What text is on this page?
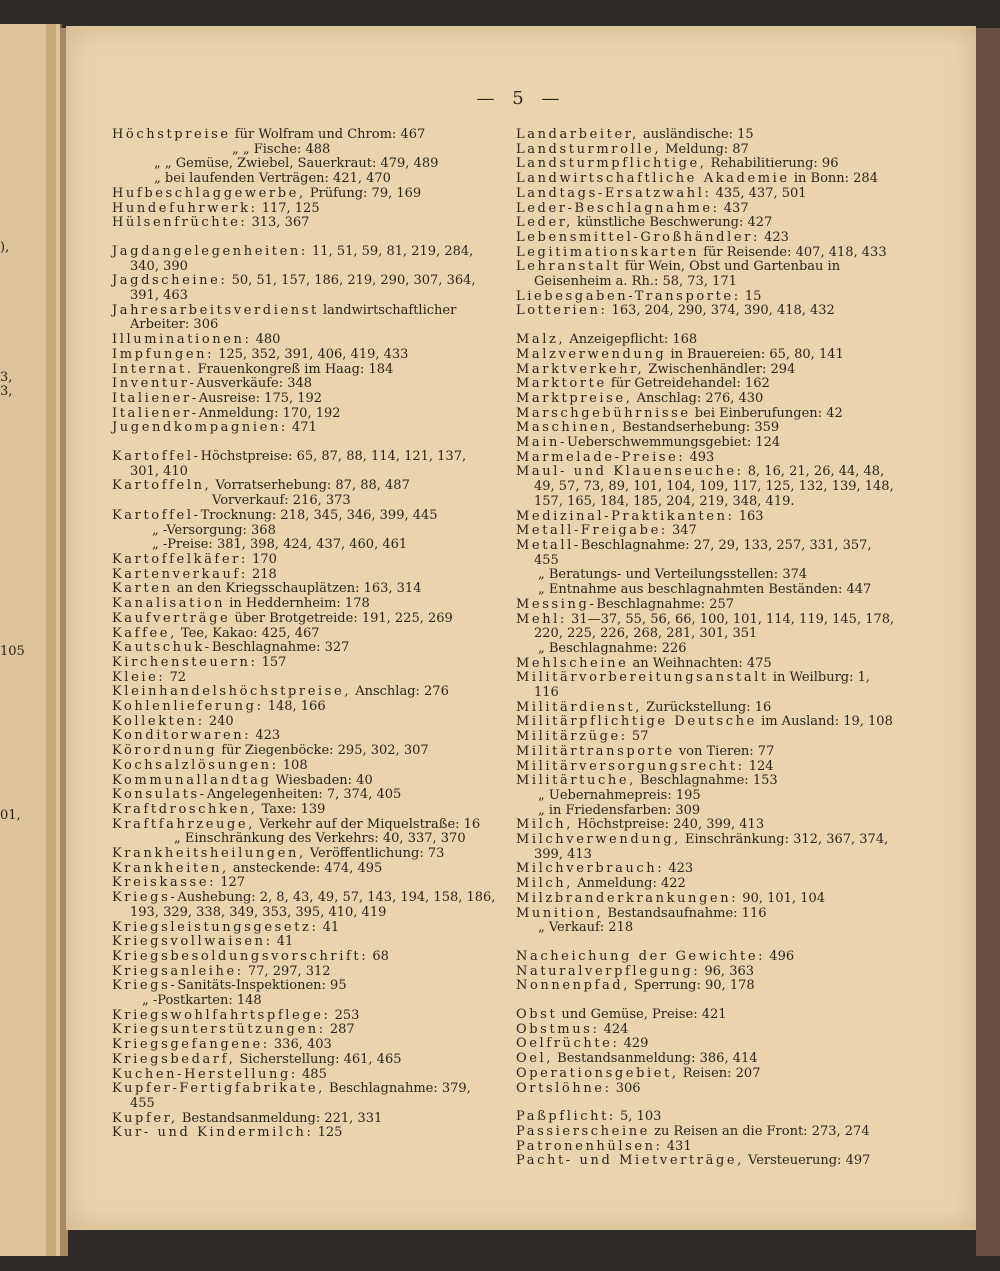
),
3,
3,
105
01,
— 5 —

Höchstpreise für Wolfram und Chrom: 467

„ „ Fische: 488

„ „ Gemüse, Zwiebel, Sauerkraut: 479, 489

„ bei laufenden Verträgen: 421, 470

Hufbeschlaggewerbe, Prüfung: 79, 169

Hundefuhrwerk: 117, 125

Hülsenfrüchte: 313, 367

Jagdangelegenheiten: 11, 51, 59, 81, 219, 284, 340, 390

Jagdscheine: 50, 51, 157, 186, 219, 290, 307, 364, 391, 463

Jahresarbeitsverdienst landwirtschaftlicher Arbeiter: 306

Illuminationen: 480

Impfungen: 125, 352, 391, 406, 419, 433

Internat. Frauenkongreß im Haag: 184

Inventur-Ausverkäufe: 348

Italiener-Ausreise: 175, 192

Italiener-Anmeldung: 170, 192

Jugendkompagnien: 471

Kartoffel-Höchstpreise: 65, 87, 88, 114, 121, 137, 301, 410

Kartoffeln, Vorratserhebung: 87, 88, 487

Vorverkauf: 216, 373

Kartoffel-Trocknung: 218, 345, 346, 399, 445

„ -Versorgung: 368

„ -Preise: 381, 398, 424, 437, 460, 461

Kartoffelkäfer: 170

Kartenverkauf: 218

Karten an den Kriegsschauplätzen: 163, 314

Kanalisation in Heddernheim: 178

Kaufverträge über Brotgetreide: 191, 225, 269

Kaffee, Tee, Kakao: 425, 467

Kautschuk-Beschlagnahme: 327

Kirchensteuern: 157

Kleie: 72

Kleinhandelshöchstpreise, Anschlag: 276

Kohlenlieferung: 148, 166

Kollekten: 240

Konditorwaren: 423

Körordnung für Ziegenböcke: 295, 302, 307

Kochsalzlösungen: 108

Kommunallandtag Wiesbaden: 40

Konsulats-Angelegenheiten: 7, 374, 405

Kraftdroschken, Taxe: 139

Kraftfahrzeuge, Verkehr auf der Miquelstraße: 16

„ Einschränkung des Verkehrs: 40, 337, 370

Krankheitsheilungen, Veröffentlichung: 73

Krankheiten, ansteckende: 474, 495

Kreiskasse: 127

Kriegs-Aushebung: 2, 8, 43, 49, 57, 143, 194, 158, 186, 193, 329, 338, 349, 353, 395, 410, 419

Kriegsleistungsgesetz: 41

Kriegsvollwaisen: 41

Kriegsbesoldungsvorschrift: 68

Kriegsanleihe: 77, 297, 312

Kriegs-Sanitäts-Inspektionen: 95

„ -Postkarten: 148

Kriegswohlfahrtspflege: 253

Kriegsunterstützungen: 287

Kriegsgefangene: 336, 403

Kriegsbedarf, Sicherstellung: 461, 465

Kuchen-Herstellung: 485

Kupfer-Fertigfabrikate, Beschlagnahme: 379, 455

Kupfer, Bestandsanmeldung: 221, 331

Kur- und Kindermilch: 125

Landarbeiter, ausländische: 15

Landsturmrolle, Meldung: 87

Landsturmpflichtige, Rehabilitierung: 96

Landwirtschaftliche Akademie in Bonn: 284

Landtags-Ersatzwahl: 435, 437, 501

Leder-Beschlagnahme: 437

Leder, künstliche Beschwerung: 427

Lebensmittel-Großhändler: 423

Legitimationskarten für Reisende: 407, 418, 433

Lehranstalt für Wein, Obst und Gartenbau in Geisenheim a. Rh.: 58, 73, 171

Liebesgaben-Transporte: 15

Lotterien: 163, 204, 290, 374, 390, 418, 432

Malz, Anzeigepflicht: 168

Malzverwendung in Brauereien: 65, 80, 141

Marktverkehr, Zwischenhändler: 294

Marktorte für Getreidehandel: 162

Marktpreise, Anschlag: 276, 430

Marschgebührnisse bei Einberufungen: 42

Maschinen, Bestandserhebung: 359

Main-Ueberschwemmungsgebiet: 124

Marmelade-Preise: 493

Maul- und Klauenseuche: 8, 16, 21, 26, 44, 48, 49, 57, 73, 89, 101, 104, 109, 117, 125, 132, 139, 148, 157, 165, 184, 185, 204, 219, 348, 419.

Medizinal-Praktikanten: 163

Metall-Freigabe: 347

Metall-Beschlagnahme: 27, 29, 133, 257, 331, 357, 455

„ Beratungs- und Verteilungsstellen: 374

„ Entnahme aus beschlagnahmten Beständen: 447

Messing-Beschlagnahme: 257

Mehl: 31—37, 55, 56, 66, 100, 101, 114, 119, 145, 178, 220, 225, 226, 268, 281, 301, 351

„ Beschlagnahme: 226

Mehlscheine an Weihnachten: 475

Militärvorbereitungsanstalt in Weilburg: 1, 116

Militärdienst, Zurückstellung: 16

Militärpflichtige Deutsche im Ausland: 19, 108

Militärzüge: 57

Militärtransporte von Tieren: 77

Militärversorgungsrecht: 124

Militärtuche, Beschlagnahme: 153

„ Uebernahmepreis: 195

„ in Friedensfarben: 309

Milch, Höchstpreise: 240, 399, 413

Milchverwendung, Einschränkung: 312, 367, 374, 399, 413

Milchverbrauch: 423

Milch, Anmeldung: 422

Milzbranderkrankungen: 90, 101, 104

Munition, Bestandsaufnahme: 116

„ Verkauf: 218

Nacheichung der Gewichte: 496

Naturalverpflegung: 96, 363

Nonnenpfad, Sperrung: 90, 178

Obst und Gemüse, Preise: 421

Obstmus: 424

Oelfrüchte: 429

Oel, Bestandsanmeldung: 386, 414

Operationsgebiet, Reisen: 207

Ortslöhne: 306

Paßpflicht: 5, 103

Passierscheine zu Reisen an die Front: 273, 274

Patronenhülsen: 431

Pacht- und Mietverträge, Versteuerung: 497
